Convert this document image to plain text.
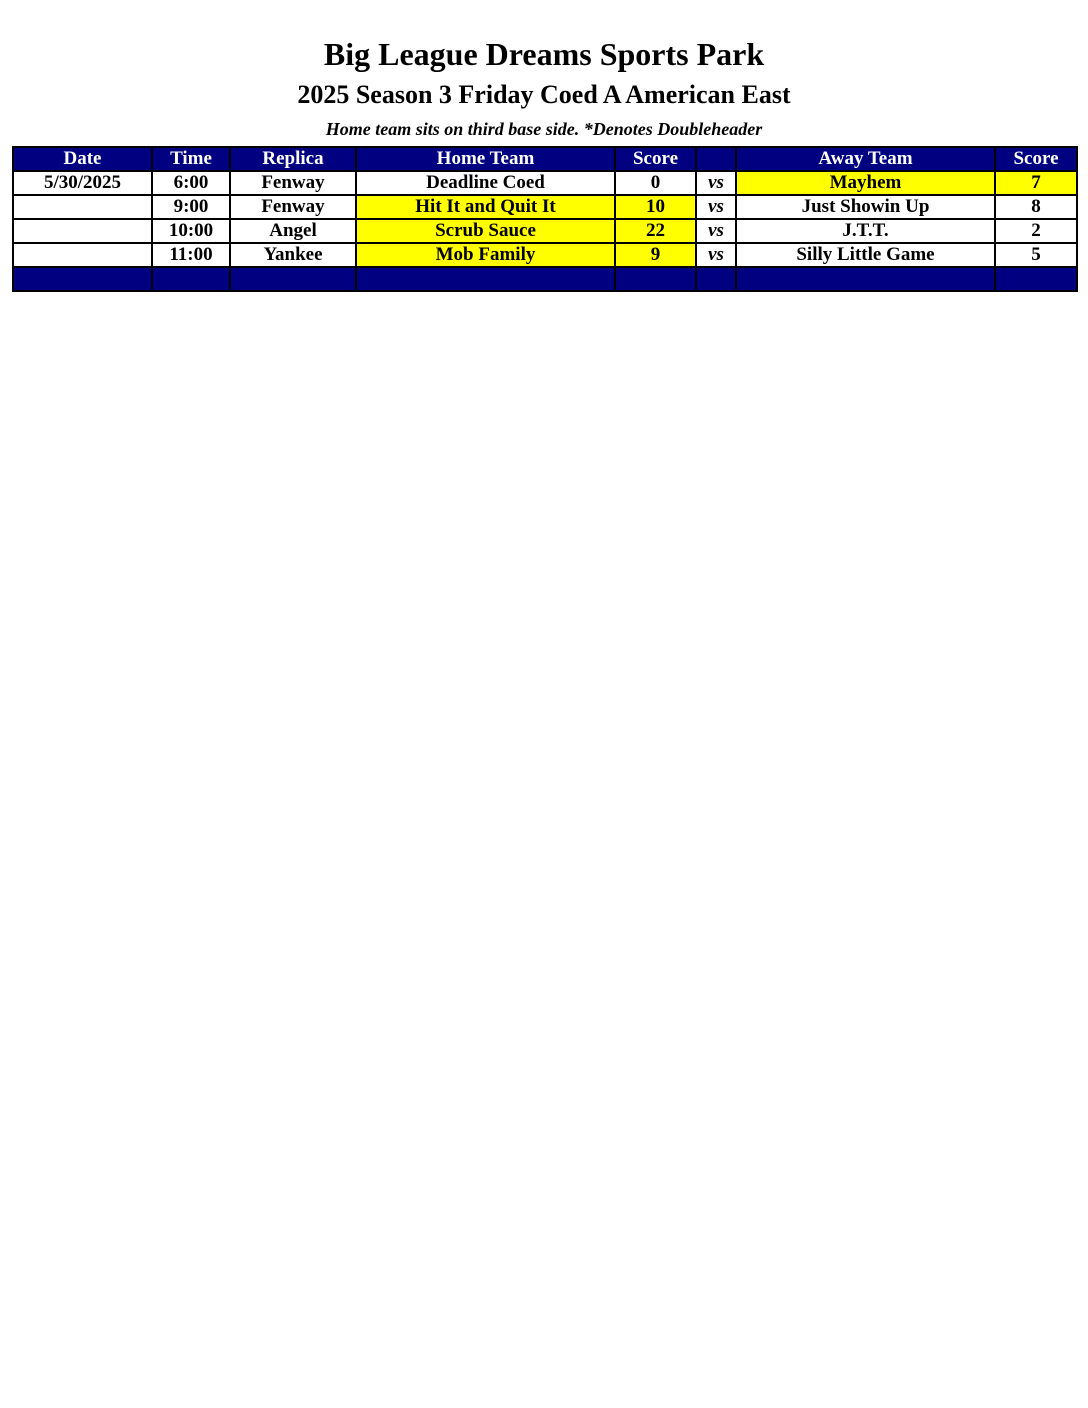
Big League Dreams Sports Park
2025 Season 3 Friday Coed A American East
Home team sits on third base side. *Denotes Doubleheader
Date	Time	Replica	Home Team	Score		Away Team	Score
5/30/2025	6:00	Fenway	Deadline Coed	0	vs	Mayhem	7
	9:00	Fenway	Hit It and Quit It	10	vs	Just Showin Up	8
	10:00	Angel	Scrub Sauce	22	vs	J.T.T.	2
	11:00	Yankee	Mob Family	9	vs	Silly Little Game	5
